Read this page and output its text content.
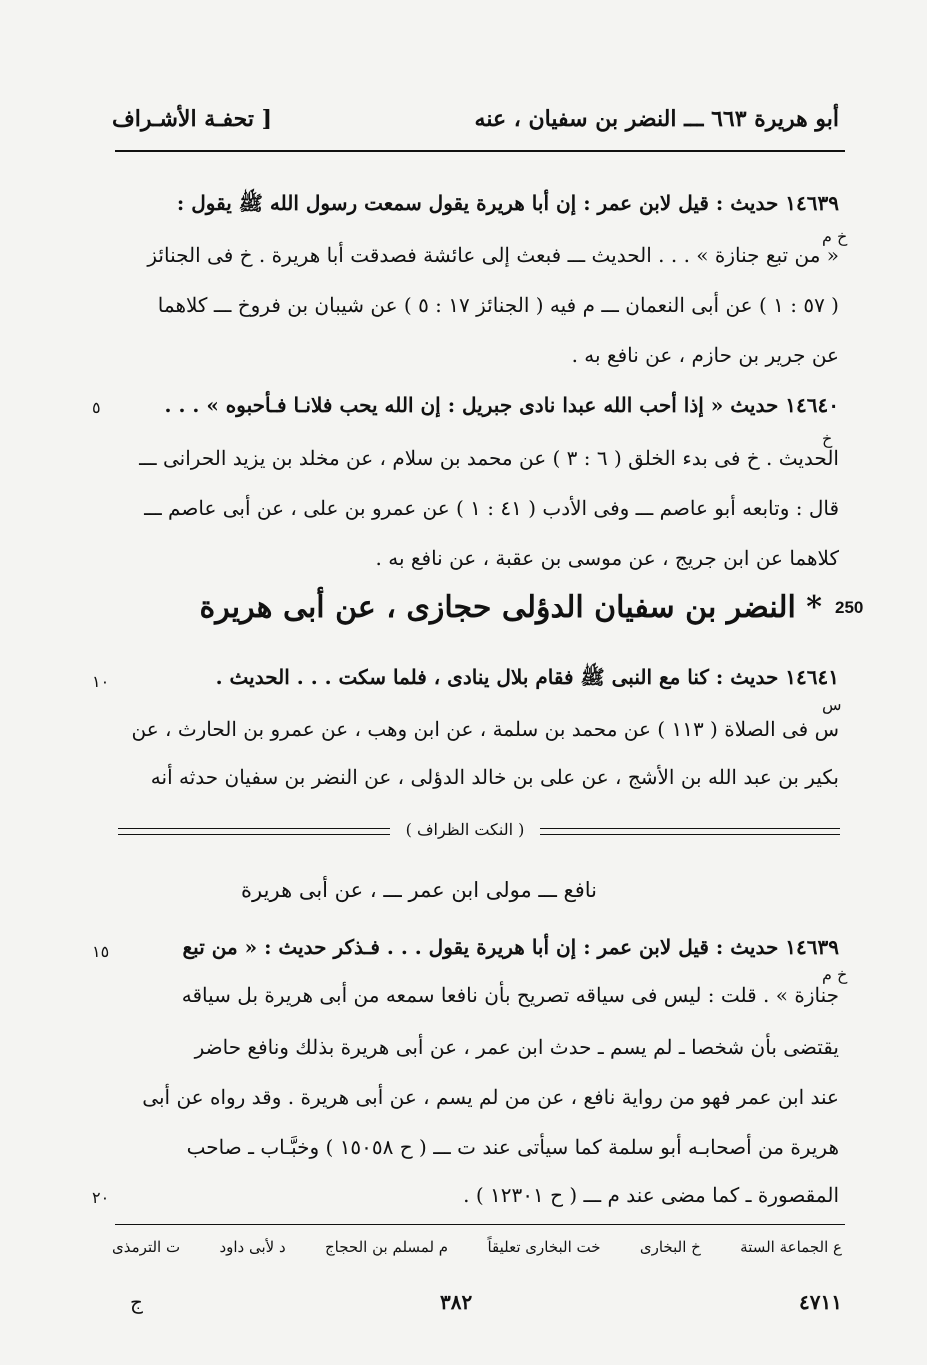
أبو هريرة ٦٦٣ ـــ النضر بن سفيان ، عنه
[ تحفـة الأشـراف
١٤٦٣٩ حديث : قيل لابن عمر : إن أبا هريرة يقول سمعت رسول الله ﷺ يقول :
« من تبع جنازة » . . . الحديث ـــ فبعث إلى عائشة فصدقت أبا هريرة . خ فى الجنائز
( ٥٧ : ١ ) عن أبى النعمان ـــ م فيه ( الجنائز ١٧ : ٥ ) عن شيبان بن فروخ ـــ كلاهما
عن جرير بن حازم ، عن نافع به .
١٤٦٤٠ حديث « إذا أحب الله عبدا نادى جبريل : إن الله يحب فلانـا فـأحبوه » . . .
الحديث . خ فى بدء الخلق ( ٦ : ٣ ) عن محمد بن سلام ، عن مخلد بن يزيد الحرانى ـــ
قال : وتابعه أبو عاصم ـــ وفى الأدب ( ٤١ : ١ ) عن عمرو بن على ، عن أبى عاصم ـــ
كلاهما عن ابن جريج ، عن موسى بن عقبة ، عن نافع به .
خ م
خ
٥
250
* النضر بن سفيان الدؤلى حجازى ، عن أبى هريرة
١٤٦٤١ حديث : كنا مع النبى ﷺ فقام بلال ينادى ، فلما سكت . . . الحديث .
س فى الصلاة ( ١١٣ ) عن محمد بن سلمة ، عن ابن وهب ، عن عمرو بن الحارث ، عن
بكير بن عبد الله بن الأشج ، عن على بن خالد الدؤلى ، عن النضر بن سفيان حدثه أنه
س
١٠
( النكت الظراف )
نافع ـــ مولى ابن عمر ـــ ، عن أبى هريرة
١٤٦٣٩ حديث : قيل لابن عمر : إن أبا هريرة يقول . . . فـذكر حديث : « من تبع
جنازة » . قلت : ليس فى سياقه تصريح بأن نافعا سمعه من أبى هريرة بل سياقه
يقتضى بأن شخصا ـ لم يسم ـ حدث ابن عمر ، عن أبى هريرة بذلك ونافع حاضر
عند ابن عمر فهو من رواية نافع ، عن من لم يسم ، عن أبى هريرة . وقد رواه عن أبى
هريرة من أصحابـه أبو سلمة كما سيأتى عند ت ـــ ( ح ١٥٠٥٨ ) وخبَّـاب ـ صاحب
المقصورة ـ كما مضى عند م ـــ ( ح ١٢٣٠١ ) .
خ م
١٥
٢٠
ع الجماعة الستة
خ البخارى
خت البخارى تعليقاً
م لمسلم بن الحجاج
د لأبى داود
ت الترمذى
٤٧١١
٣٨٢
ج
